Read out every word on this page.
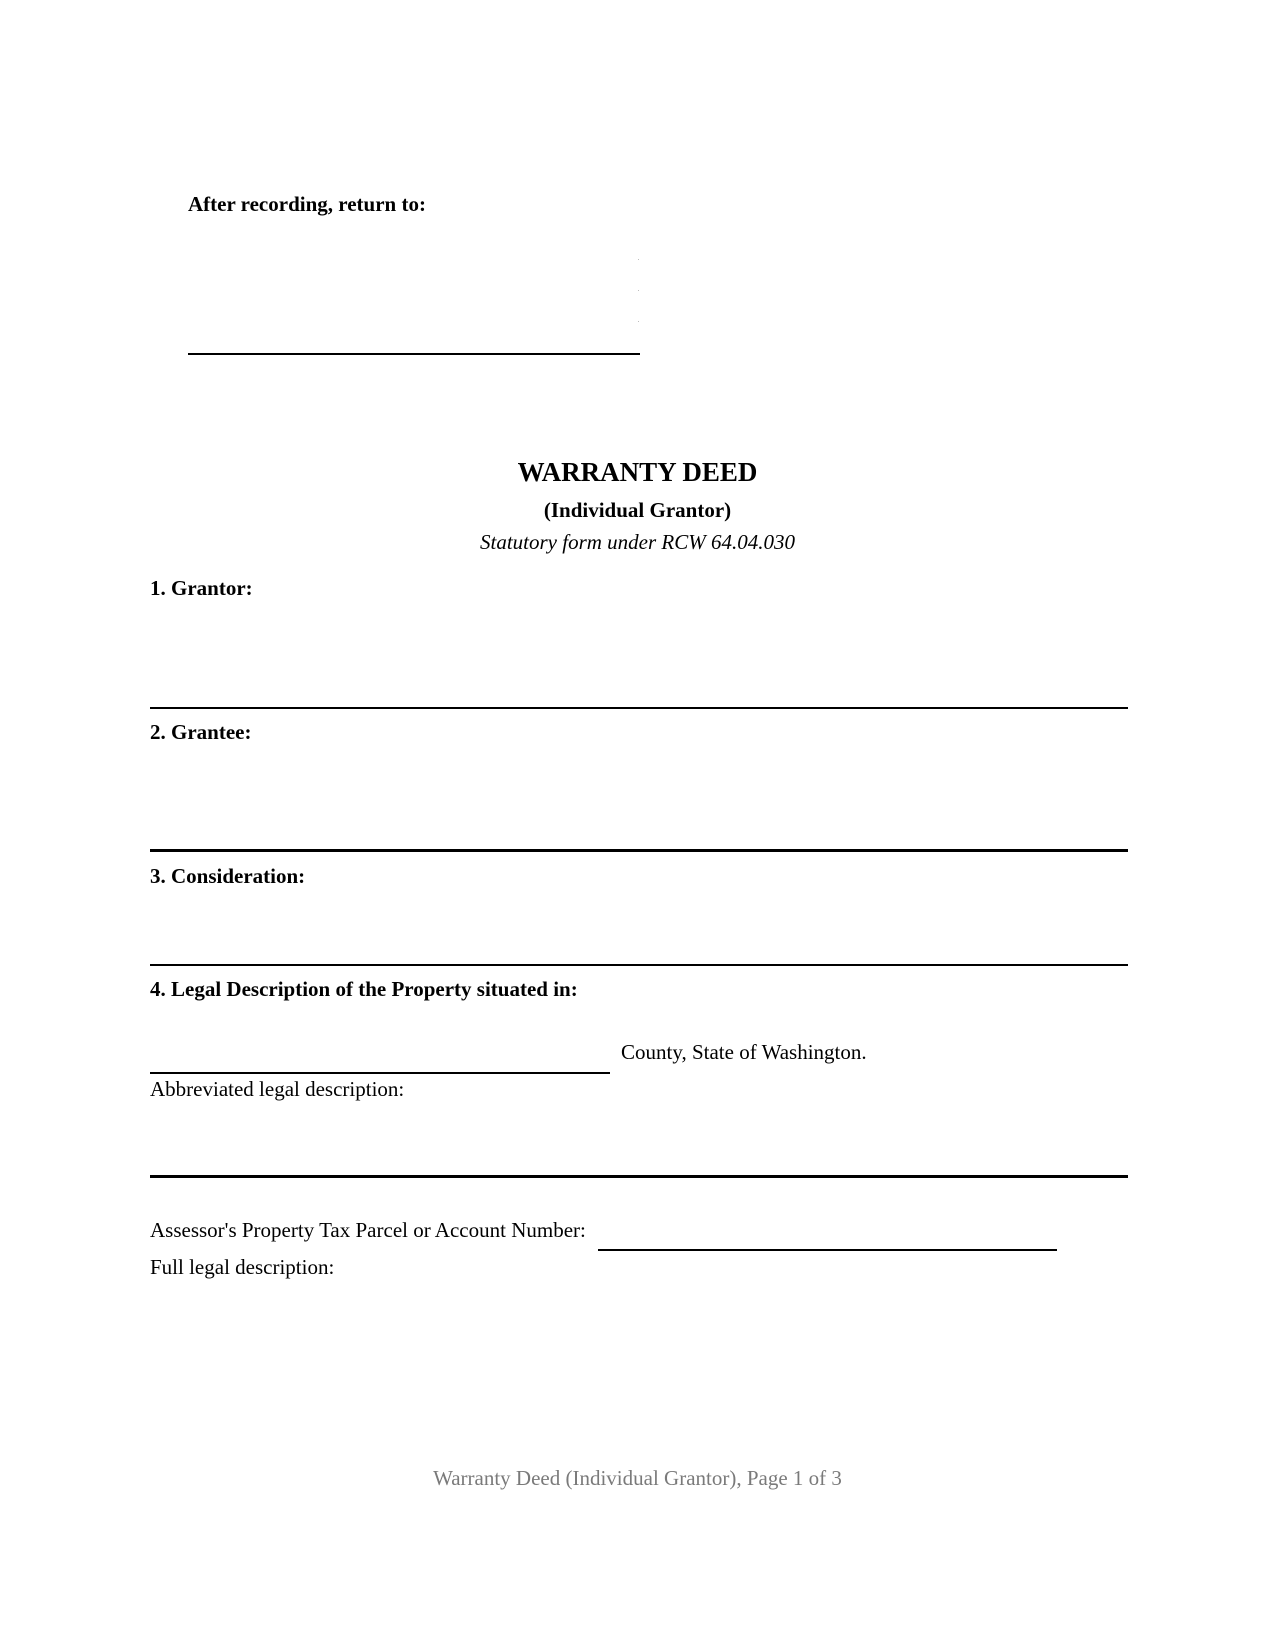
After recording, return to:
WARRANTY DEED
(Individual Grantor)
Statutory form under RCW 64.04.030
1. Grantor:
2. Grantee:
3. Consideration:
4. Legal Description of the Property situated in:
County, State of Washington.
Abbreviated legal description:
Assessor's Property Tax Parcel or Account Number:
Full legal description:
Warranty Deed (Individual Grantor), Page 1 of 3
